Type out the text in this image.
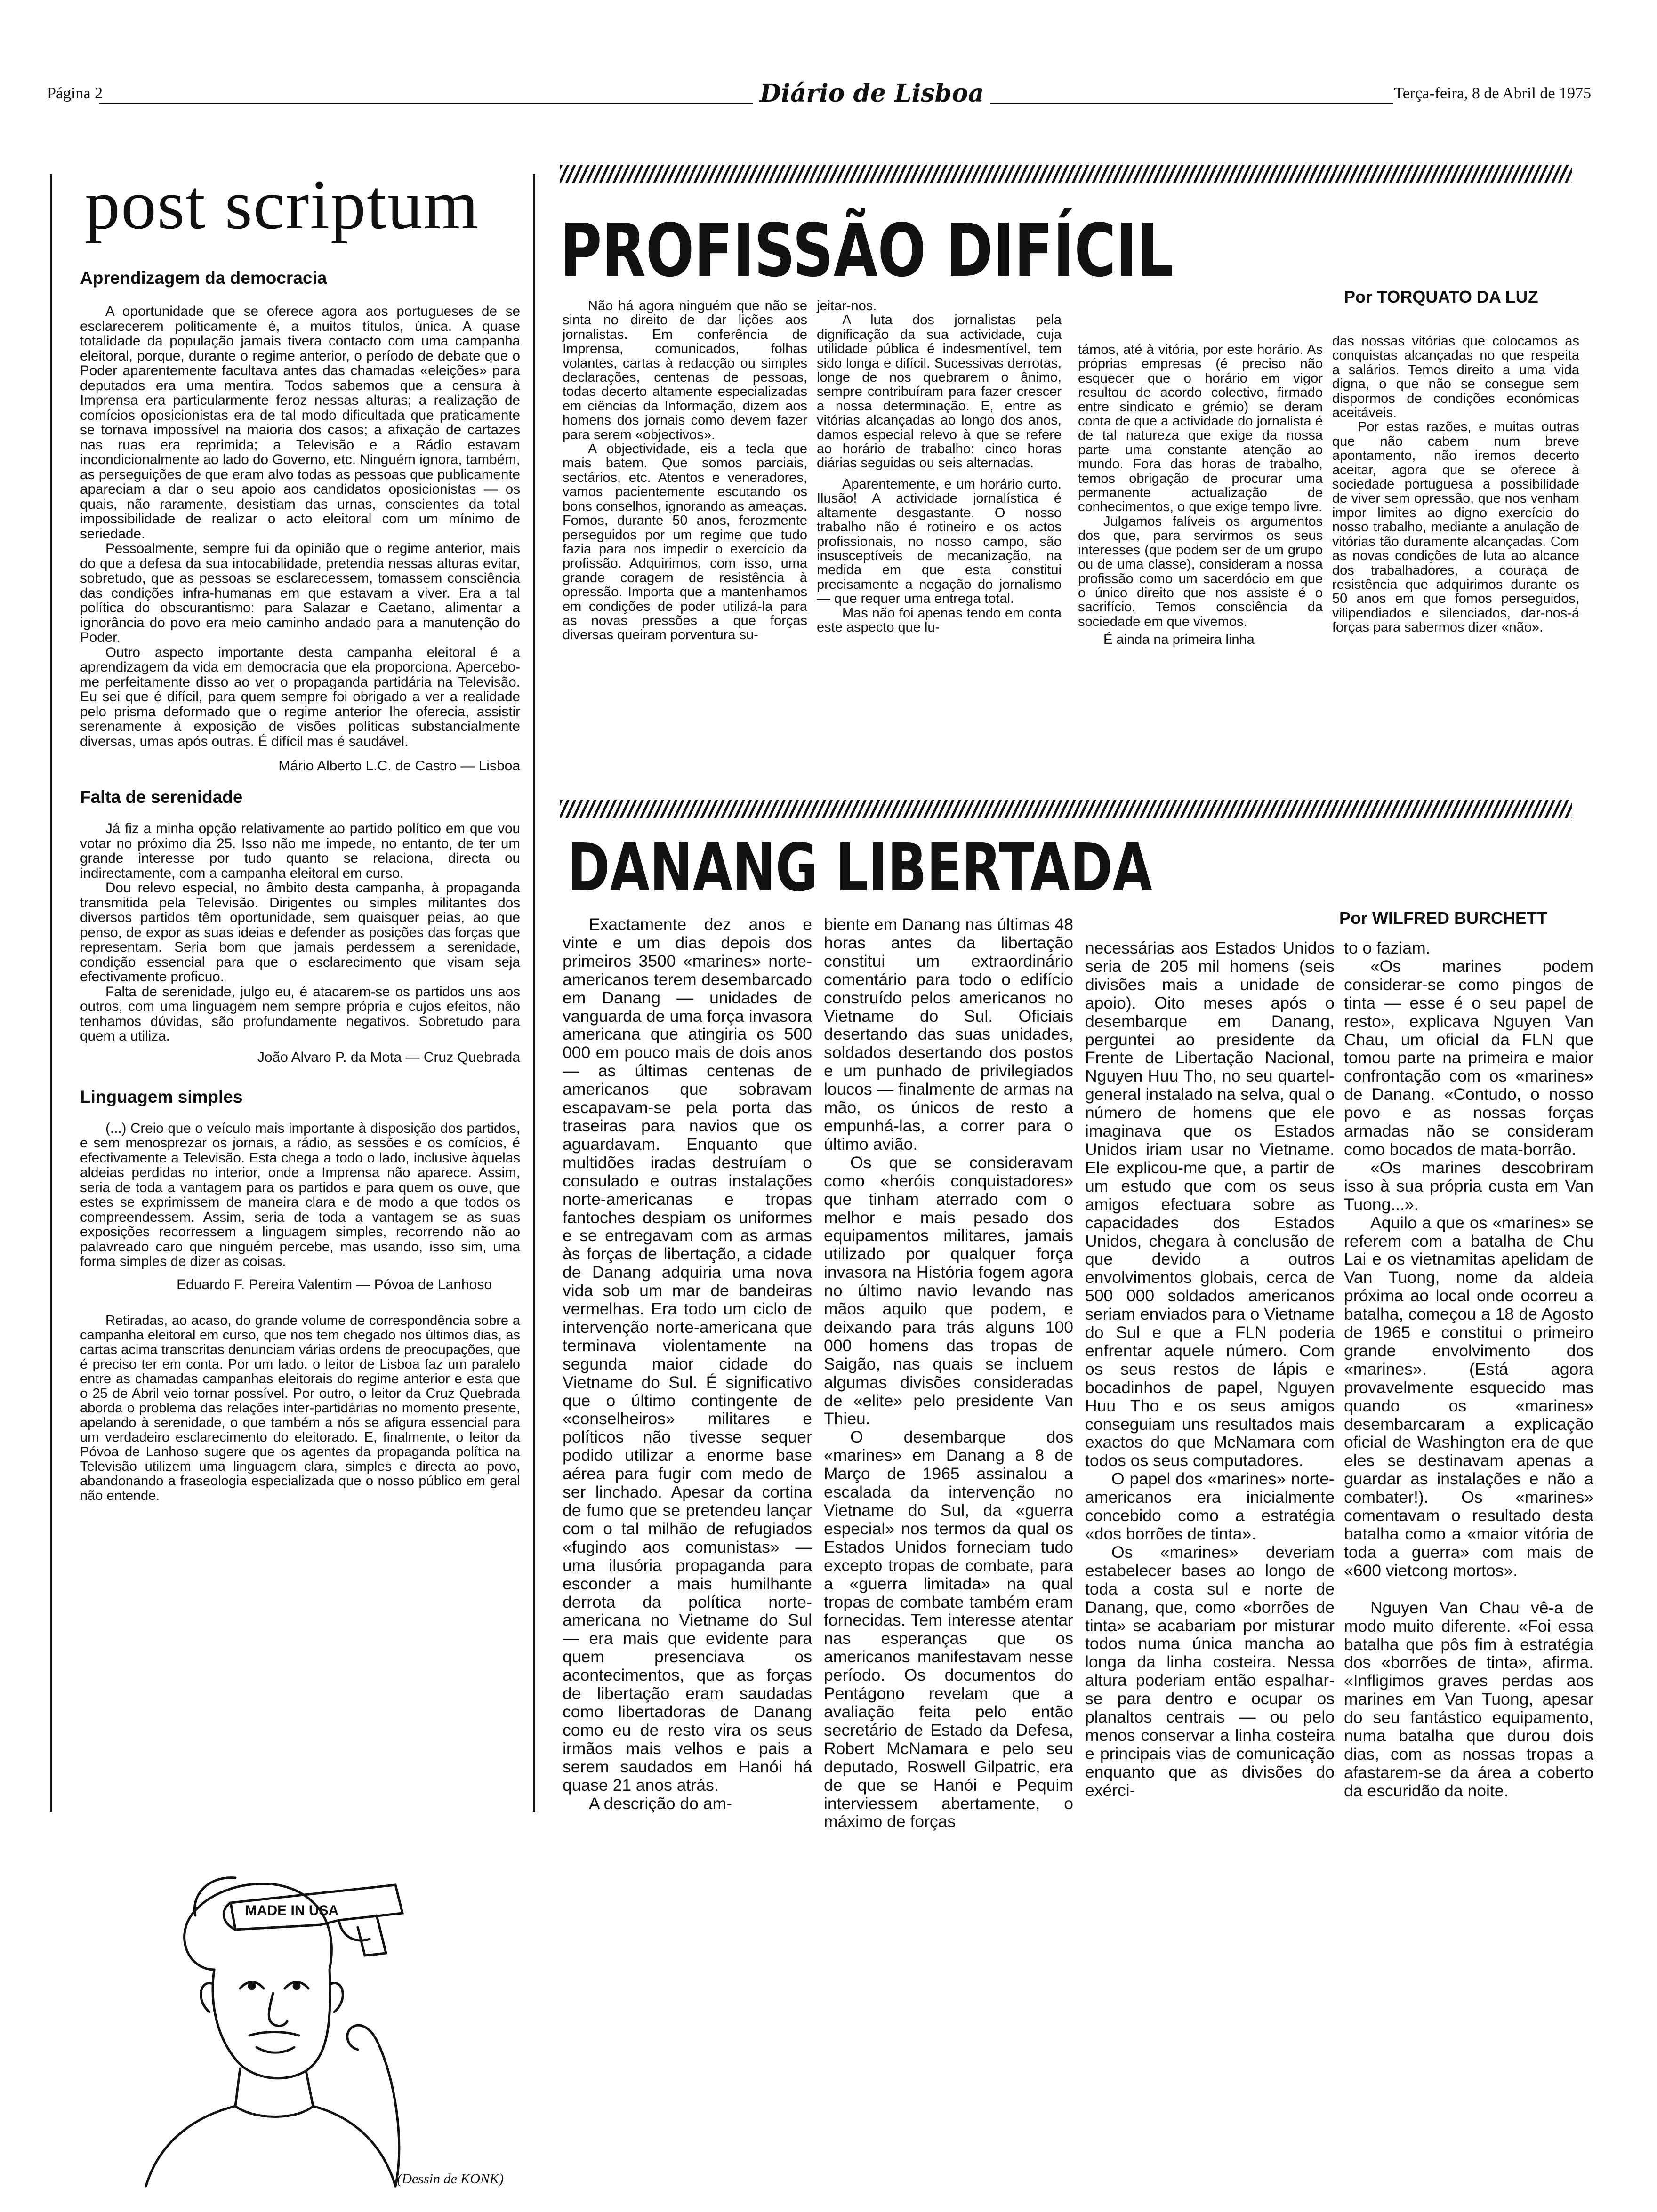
Página 2	Diário de Lisboa	Terça-feira, 8 de Abril de 1975
post scriptum
Aprendizagem da democracia

A oportunidade que se oferece agora aos portugueses de se esclarecerem politicamente é, a muitos títulos, única. A quase totalidade da população jamais tivera contacto com uma campanha eleitoral, porque, durante o regime anterior, o período de debate que o Poder aparentemente facultava antes das chamadas «eleições» para deputados era uma mentira. Todos sabemos que a censura à Imprensa era particularmente feroz nessas alturas; a realização de comícios oposicionistas era de tal modo dificultada que praticamente se tornava impossível na maioria dos casos; a afixação de cartazes nas ruas era reprimida; a Televisão e a Rádio estavam incondicionalmente ao lado do Governo, etc. Ninguém ignora, também, as perseguições de que eram alvo todas as pessoas que publicamente apareciam a dar o seu apoio aos candidatos oposicionistas — os quais, não raramente, desistiam das urnas, conscientes da total impossibilidade de realizar o acto eleitoral com um mínimo de seriedade.

Pessoalmente, sempre fui da opinião que o regime anterior, mais do que a defesa da sua intocabilidade, pretendia nessas alturas evitar, sobretudo, que as pessoas se esclarecessem, tomassem consciência das condições infra-humanas em que estavam a viver. Era a tal política do obscurantismo: para Salazar e Caetano, alimentar a ignorância do povo era meio caminho andado para a manutenção do Poder.

Outro aspecto importante desta campanha eleitoral é a aprendizagem da vida em democracia que ela proporciona. Apercebo-me perfeitamente disso ao ver o propaganda partidária na Televisão. Eu sei que é difícil, para quem sempre foi obrigado a ver a realidade pelo prisma deformado que o regime anterior lhe oferecia, assistir serenamente à exposição de visões políticas substancialmente diversas, umas após outras. É difícil mas é saudável.

Mário Alberto L.C. de Castro — Lisboa
Falta de serenidade

Já fiz a minha opção relativamente ao partido político em que vou votar no próximo dia 25. Isso não me impede, no entanto, de ter um grande interesse por tudo quanto se relaciona, directa ou indirectamente, com a campanha eleitoral em curso.

Dou relevo especial, no âmbito desta campanha, à propaganda transmitida pela Televisão. Dirigentes ou simples militantes dos diversos partidos têm oportunidade, sem quaisquer peias, ao que penso, de expor as suas ideias e defender as posições das forças que representam. Seria bom que jamais perdessem a serenidade, condição essencial para que o esclarecimento que visam seja efectivamente proficuo.

Falta de serenidade, julgo eu, é atacarem-se os partidos uns aos outros, com uma linguagem nem sempre própria e cujos efeitos, não tenhamos dúvidas, são profundamente negativos. Sobretudo para quem a utiliza.

João Alvaro P. da Mota — Cruz Quebrada
Linguagem simples

(...) Creio que o veículo mais importante à disposição dos partidos, e sem menosprezar os jornais, a rádio, as sessões e os comícios, é efectivamente a Televisão. Esta chega a todo o lado, inclusive àquelas aldeias perdidas no interior, onde a Imprensa não aparece. Assim, seria de toda a vantagem para os partidos e para quem os ouve, que estes se exprimissem de maneira clara e de modo a que todos os compreendessem. Assim, seria de toda a vantagem se as suas exposições recorressem a linguagem simples, recorrendo não ao palavreado caro que ninguém percebe, mas usando, isso sim, uma forma simples de dizer as coisas.

Eduardo F. Pereira Valentim — Póvoa de Lanhoso

Retiradas, ao acaso, do grande volume de correspondência sobre a campanha eleitoral em curso, que nos tem chegado nos últimos dias, as cartas acima transcritas denunciam várias ordens de preocupações, que é preciso ter em conta. Por um lado, o leitor de Lisboa faz um paralelo entre as chamadas campanhas eleitorais do regime anterior e esta que o 25 de Abril veio tornar possível. Por outro, o leitor da Cruz Quebrada aborda o problema das relações inter-partidárias no momento presente, apelando à serenidade, o que também a nós se afigura essencial para um verdadeiro esclarecimento do eleitorado. E, finalmente, o leitor da Póvoa de Lanhoso sugere que os agentes da propaganda política na Televisão utilizem uma linguagem clara, simples e directa ao povo, abandonando a fraseologia especializada que o nosso público em geral não entende.

MADE IN USA
(Dessin de KONK)
PROFISSÃO DIFÍCIL
Por TORQUATO DA LUZ

Não há agora ninguém que não se sinta no direito de dar lições aos jornalistas. Em conferência de Imprensa, comunicados, folhas volantes, cartas à redacção ou simples declarações, centenas de pessoas, todas decerto altamente especializadas em ciências da Informação, dizem aos homens dos jornais como devem fazer para serem «objectivos».

A objectividade, eis a tecla que mais batem. Que somos parciais, sectários, etc. Atentos e veneradores, vamos pacientemente escutando os bons conselhos, ignorando as ameaças. Fomos, durante 50 anos, ferozmente perseguidos por um regime que tudo fazia para nos impedir o exercício da profissão. Adquirimos, com isso, uma grande coragem de resistência à opressão. Importa que a mantenhamos em condições de poder utilizá-la para as novas pressões a que forças diversas queiram porventura su-

jeitar-nos.

A luta dos jornalistas pela dignificação da sua actividade, cuja utilidade pública é indesmentível, tem sido longa e difícil. Sucessivas derrotas, longe de nos quebrarem o ânimo, sempre contribuíram para fazer crescer a nossa determinação. E, entre as vitórias alcançadas ao longo dos anos, damos especial relevo à que se refere ao horário de trabalho: cinco horas diárias seguidas ou seis alternadas.

Aparentemente, e um horário curto. Ilusão! A actividade jornalística é altamente desgastante. O nosso trabalho não é rotineiro e os actos profissionais, no nosso campo, são insusceptíveis de mecanização, na medida em que esta constitui precisamente a negação do jornalismo — que requer uma entrega total.

Mas não foi apenas tendo em conta este aspecto que lu-

támos, até à vitória, por este horário. As próprias empresas (é preciso não esquecer que o horário em vigor resultou de acordo colectivo, firmado entre sindicato e grémio) se deram conta de que a actividade do jornalista é de tal natureza que exige da nossa parte uma constante atenção ao mundo. Fora das horas de trabalho, temos obrigação de procurar uma permanente actualização de conhecimentos, o que exige tempo livre.

Julgamos falíveis os argumentos dos que, para servirmos os seus interesses (que podem ser de um grupo ou de uma classe), consideram a nossa profissão como um sacerdócio em que o único direito que nos assiste é o sacrifício. Temos consciência da sociedade em que vivemos.

É ainda na primeira linha

das nossas vitórias que colocamos as conquistas alcançadas no que respeita a salários. Temos direito a uma vida digna, o que não se consegue sem dispormos de condições económicas aceitáveis.

Por estas razões, e muitas outras que não cabem num breve apontamento, não iremos decerto aceitar, agora que se oferece à sociedade portuguesa a possibilidade de viver sem opressão, que nos venham impor limites ao digno exercício do nosso trabalho, mediante a anulação de vitórias tão duramente alcançadas. Com as novas condições de luta ao alcance dos trabalhadores, a couraça de resistência que adquirimos durante os 50 anos em que fomos perseguidos, vilipendiados e silenciados, dar-nos-á forças para sabermos dizer «não».

DANANG LIBERTADA
Por WILFRED BURCHETT

Exactamente dez anos e vinte e um dias depois dos primeiros 3500 «marines» norte-americanos terem desembarcado em Danang — unidades de vanguarda de uma força invasora americana que atingiria os 500 000 em pouco mais de dois anos — as últimas centenas de americanos que sobravam escapavam-se pela porta das traseiras para navios que os aguardavam. Enquanto que multidões iradas destruíam o consulado e outras instalações norte-americanas e tropas fantoches despiam os uniformes e se entregavam com as armas às forças de libertação, a cidade de Danang adquiria uma nova vida sob um mar de bandeiras vermelhas. Era todo um ciclo de intervenção norte-americana que terminava violentamente na segunda maior cidade do Vietname do Sul. É significativo que o último contingente de «conselheiros» militares e políticos não tivesse sequer podido utilizar a enorme base aérea para fugir com medo de ser linchado. Apesar da cortina de fumo que se pretendeu lançar com o tal milhão de refugiados «fugindo aos comunistas» — uma ilusória propaganda para esconder a mais humilhante derrota da política norte-americana no Vietname do Sul — era mais que evidente para quem presenciava os acontecimentos, que as forças de libertação eram saudadas como libertadoras de Danang como eu de resto vira os seus irmãos mais velhos e pais a serem saudados em Hanói há quase 21 anos atrás.

A descrição do am-

biente em Danang nas últimas 48 horas antes da libertação constitui um extraordinário comentário para todo o edifício construído pelos americanos no Vietname do Sul. Oficiais desertando das suas unidades, soldados desertando dos postos e um punhado de privilegiados loucos — finalmente de armas na mão, os únicos de resto a empunhá-las, a correr para o último avião.

Os que se consideravam como «heróis conquistadores» que tinham aterrado com o melhor e mais pesado dos equipamentos militares, jamais utilizado por qualquer força invasora na História fogem agora no último navio levando nas mãos aquilo que podem, e deixando para trás alguns 100 000 homens das tropas de Saigão, nas quais se incluem algumas divisões consideradas de «elite» pelo presidente Van Thieu.

O desembarque dos «marines» em Danang a 8 de Março de 1965 assinalou a escalada da intervenção no Vietname do Sul, da «guerra especial» nos termos da qual os Estados Unidos forneciam tudo excepto tropas de combate, para a «guerra limitada» na qual tropas de combate também eram fornecidas. Tem interesse atentar nas esperanças que os americanos manifestavam nesse período. Os documentos do Pentágono revelam que a avaliação feita pelo então secretário de Estado da Defesa, Robert McNamara e pelo seu deputado, Roswell Gilpatric, era de que se Hanói e Pequim interviessem abertamente, o máximo de forças

necessárias aos Estados Unidos seria de 205 mil homens (seis divisões mais a unidade de apoio). Oito meses após o desembarque em Danang, perguntei ao presidente da Frente de Libertação Nacional, Nguyen Huu Tho, no seu quartel-general instalado na selva, qual o número de homens que ele imaginava que os Estados Unidos iriam usar no Vietname. Ele explicou-me que, a partir de um estudo que com os seus amigos efectuara sobre as capacidades dos Estados Unidos, chegara à conclusão de que devido a outros envolvimentos globais, cerca de 500 000 soldados americanos seriam enviados para o Vietname do Sul e que a FLN poderia enfrentar aquele número. Com os seus restos de lápis e bocadinhos de papel, Nguyen Huu Tho e os seus amigos conseguiam uns resultados mais exactos do que McNamara com todos os seus computadores.

O papel dos «marines» norte-americanos era inicialmente concebido como a estratégia «dos borrões de tinta».

Os «marines» deveriam estabelecer bases ao longo de toda a costa sul e norte de Danang, que, como «borrões de tinta» se acabariam por misturar todos numa única mancha ao longa da linha costeira. Nessa altura poderiam então espalhar-se para dentro e ocupar os planaltos centrais — ou pelo menos conservar a linha costeira e principais vias de comunicação enquanto que as divisões do exérci-

to o faziam.

«Os marines podem considerar-se como pingos de tinta — esse é o seu papel de resto», explicava Nguyen Van Chau, um oficial da FLN que tomou parte na primeira e maior confrontação com os «marines» de Danang. «Contudo, o nosso povo e as nossas forças armadas não se consideram como bocados de mata-borrão.

«Os marines descobriram isso à sua própria custa em Van Tuong...».

Aquilo a que os «marines» se referem com a batalha de Chu Lai e os vietnamitas apelidam de Van Tuong, nome da aldeia próxima ao local onde ocorreu a batalha, começou a 18 de Agosto de 1965 e constitui o primeiro grande envolvimento dos «marines». (Está agora provavelmente esquecido mas quando os «marines» desembarcaram a explicação oficial de Washington era de que eles se destinavam apenas a guardar as instalações e não a combater!). Os «marines» comentavam o resultado desta batalha como a «maior vitória de toda a guerra» com mais de «600 vietcong mortos».

Nguyen Van Chau vê-a de modo muito diferente. «Foi essa batalha que pôs fim à estratégia dos «borrões de tinta», afirma. «Infligimos graves perdas aos marines em Van Tuong, apesar do seu fantástico equipamento, numa batalha que durou dois dias, com as nossas tropas a afastarem-se da área a coberto da escuridão da noite.
